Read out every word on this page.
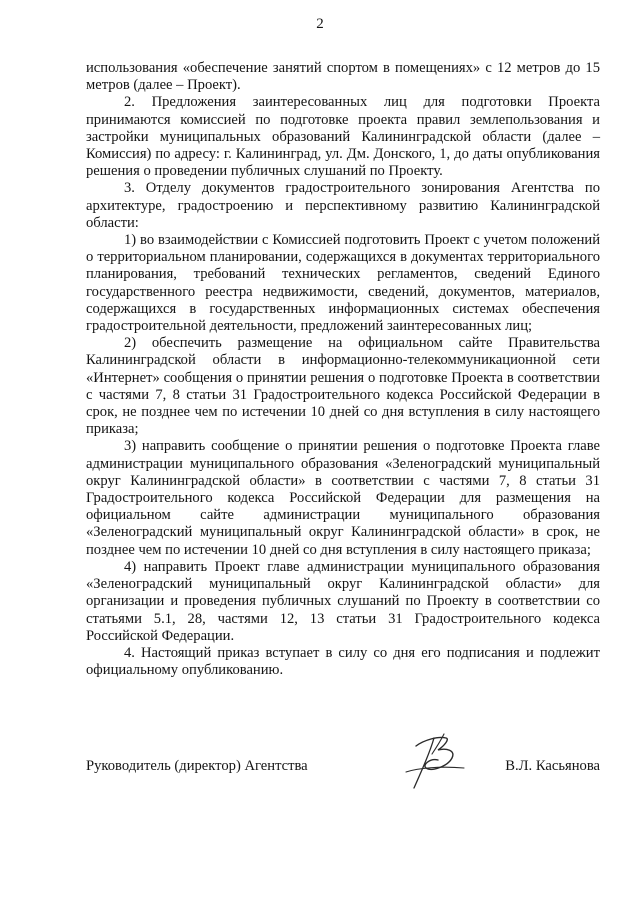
2

использования «обеспечение занятий спортом в помещениях» с 12 метров до 15 метров (далее – Проект).

2. Предложения заинтересованных лиц для подготовки Проекта принимаются комиссией по подготовке проекта правил землепользования и застройки муниципальных образований Калининградской области (далее – Комиссия) по адресу: г. Калининград, ул. Дм. Донского, 1, до даты опубликования решения о проведении публичных слушаний по Проекту.

3. Отделу документов градостроительного зонирования Агентства по архитектуре, градостроению и перспективному развитию Калининградской области:

1) во взаимодействии с Комиссией подготовить Проект с учетом положений о территориальном планировании, содержащихся в документах территориального планирования, требований технических регламентов, сведений Единого государственного реестра недвижимости, сведений, документов, материалов, содержащихся в государственных информационных системах обеспечения градостроительной деятельности, предложений заинтересованных лиц;

2) обеспечить размещение на официальном сайте Правительства Калининградской области в информационно-телекоммуникационной сети «Интернет» сообщения о принятии решения о подготовке Проекта в соответствии с частями 7, 8 статьи 31 Градостроительного кодекса Российской Федерации в срок, не позднее чем по истечении 10 дней со дня вступления в силу настоящего приказа;

3) направить сообщение о принятии решения о подготовке Проекта главе администрации муниципального образования «Зеленоградский муниципальный округ Калининградской области» в соответствии с частями 7, 8 статьи 31 Градостроительного кодекса Российской Федерации для размещения на официальном сайте администрации муниципального образования «Зеленоградский муниципальный округ Калининградской области» в срок, не позднее чем по истечении 10 дней со дня вступления в силу настоящего приказа;

4) направить Проект главе администрации муниципального образования «Зеленоградский муниципальный округ Калининградской области» для организации и проведения публичных слушаний по Проекту в соответствии со статьями 5.1, 28, частями 12, 13 статьи 31 Градостроительного кодекса Российской Федерации.

4. Настоящий приказ вступает в силу со дня его подписания и подлежит официальному опубликованию.

Руководитель (директор) Агентства	В.Л. Касьянова
